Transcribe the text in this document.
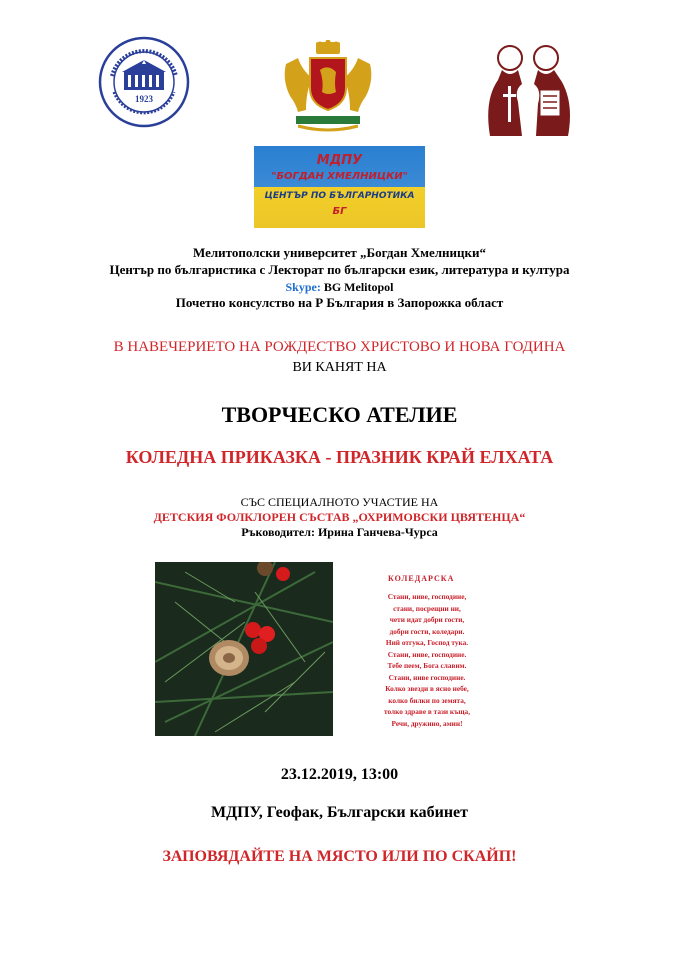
1923
МДПУ
"БОГДАН ХМЕЛНИЦКИ"
ЦЕНТЪР ПО БЪЛГАРНОТИКА
БГ
Мелитополски университет „Богдан Хмелницки“
Център по българистика с Лекторат по български език, литература и култура
Skype: BG Melitopol
Почетно консулство на Р България в Запорожка област
В НАВЕЧЕРИЕТО НА РОЖДЕСТВО ХРИСТОВО И НОВА ГОДИНА
ВИ КАНЯТ НА
ТВОРЧЕСКО АТЕЛИЕ
КОЛЕДНА ПРИКАЗКА - ПРАЗНИК КРАЙ ЕЛХАТА
СЪС СПЕЦИАЛНОТО УЧАСТИЕ НА
ДЕТСКИЯ ФОЛКЛОРЕН СЪСТАВ „ОХРИМОВСКИ ЦВЯТЕНЦА“
Ръководител: Ирина Ганчева-Чурса
КОЛЕДАРСКА
Стани, ниве, господине,
стани, посрещни ни,
чети идат добри гости,
добри гости, коледари.
Ний отгука, Господ тука.
Стани, ниве, господине.
Тебе пеем, Бога славим.
Стани, ниве господине.
Колко звезди в ясно небе,
колко билки по земята,
толко здраве в тази къща,
Речи, дружино, амин!
23.12.2019, 13:00
МДПУ, Геофак, Български кабинет
ЗАПОВЯДАЙТЕ НА МЯСТО ИЛИ ПО СКАЙП!
